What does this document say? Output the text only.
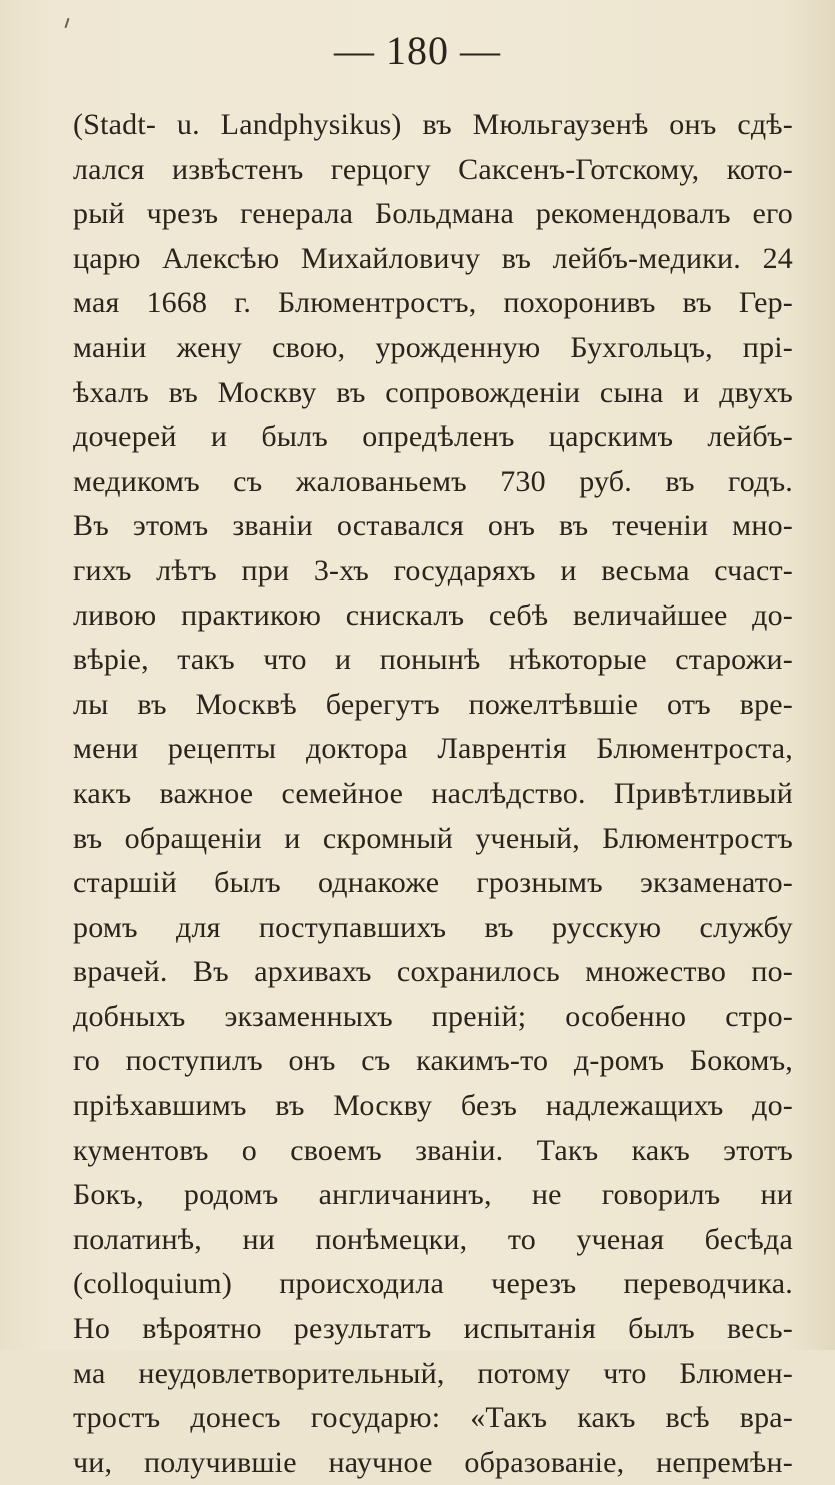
— 180 —
(Stadt- u. Landphysikus) въ Мюльгаузенѣ онъ сдѣ-
лался извѣстенъ герцогу Саксенъ-Готскому, кото-
рый чрезъ генерала Больдмана рекомендовалъ его
царю Алексѣю Михайловичу въ лейбъ-медики. 24
мая 1668 г. Блюментростъ, похоронивъ въ Гер-
маніи жену свою, урожденную Бухгольцъ, прі-
ѣхалъ въ Москву въ сопровожденіи сына и двухъ
дочерей и былъ опредѣленъ царскимъ лейбъ-
медикомъ съ жалованьемъ 730 руб. въ годъ.
Въ этомъ званіи оставался онъ въ теченіи мно-
гихъ лѣтъ при 3-хъ государяхъ и весьма счаст-
ливою практикою снискалъ себѣ величайшее до-
вѣріе, такъ что и понынѣ нѣкоторые старожи-
лы въ Москвѣ берегутъ пожелтѣвшіе отъ вре-
мени рецепты доктора Лаврентія Блюментроста,
какъ важное семейное наслѣдство. Привѣтливый
въ обращеніи и скромный ученый, Блюментростъ
старшій былъ однакоже грознымъ экзаменато-
ромъ для поступавшихъ въ русскую службу
врачей. Въ архивахъ сохранилось множество по-
добныхъ экзаменныхъ преній; особенно стро-
го поступилъ онъ съ какимъ-то д-ромъ Бокомъ,
пріѣхавшимъ въ Москву безъ надлежащихъ до-
кументовъ о своемъ званіи. Такъ какъ этотъ
Бокъ, родомъ англичанинъ, не говорилъ ни
полатинѣ, ни понѣмецки, то ученая бесѣда
(colloquium) происходила черезъ переводчика.
Но вѣроятно результатъ испытанія былъ весь-
ма неудовлетворительный, потому что Блюмен-
тростъ донесъ государю: «Такъ какъ всѣ вра-
чи, получившіе научное образованіе, непремѣн-
